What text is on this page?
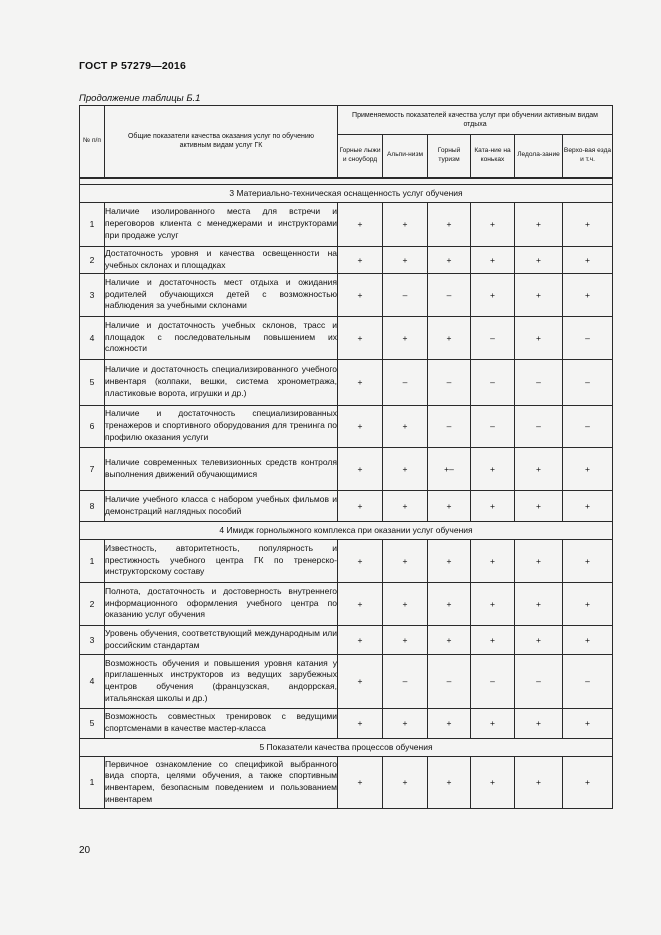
ГОСТ Р 57279—2016
Продолжение таблицы Б.1
№ п/п	Общие показатели качества оказания услуг по обучению активным видам услуг ГК	Применяемость показателей качества услуг при обучении активным видам отдыха					
		Горные лыжи и сноуборд	Альпи-низм	Горный туризм	Ката-ние на коньках	Ледола-зание	Верхо-вая езда и т.ч.

3 Материально-техническая оснащенность услуг обучения							
1	Наличие изолированного места для встречи и переговоров клиента с менеджерами и инструкторами при продаже услуг	+	+	+	+	+	+
2	Достаточность уровня и качества освещенности на учебных склонах и площадках	+	+	+	+	+	+
3	Наличие и достаточность мест отдыха и ожидания родителей обучающихся детей с возможностью наблюдения за учебными склонами	+	–	–	+	+	+
4	Наличие и достаточность учебных склонов, трасс и площадок с последовательным повышением их сложности	+	+	+	–	+	–
5	Наличие и достаточность специализированного учебного инвентаря (колпаки, вешки, система хронометража, пластиковые ворота, игрушки и др.)	+	–	–	–	–	–
6	Наличие и достаточность специализированных тренажеров и спортивного оборудования для тренинга по профилю оказания услуги	+	+	–	–	–	–
7	Наличие современных телевизионных средств контроля выполнения движений обучающимися	+	+	+–	+	+	+
8	Наличие учебного класса с набором учебных фильмов и демонстраций наглядных пособий	+	+	+	+	+	+
4 Имидж горнолыжного комплекса при оказании услуг обучения							
1	Известность, авторитетность, популярность и престижность учебного центра ГК по тренерско-инструкторскому составу	+	+	+	+	+	+
2	Полнота, достаточность и достоверность внутреннего информационного оформления учебного центра по оказанию услуг обучения	+	+	+	+	+	+
3	Уровень обучения, соответствующий международным или российским стандартам	+	+	+	+	+	+
4	Возможность обучения и повышения уровня катания у приглашенных инструкторов из ведущих зарубежных центров обучения (французская, андоррская, итальянская школы и др.)	+	–	–	–	–	–
5	Возможность совместных тренировок с ведущими спортсменами в качестве мастер-класса	+	+	+	+	+	+
5 Показатели качества процессов обучения							
1	Первичное ознакомление со спецификой выбранного вида спорта, целями обучения, а также спортивным инвентарем, безопасным поведением и пользованием инвентарем	+	+	+	+	+	+
20
